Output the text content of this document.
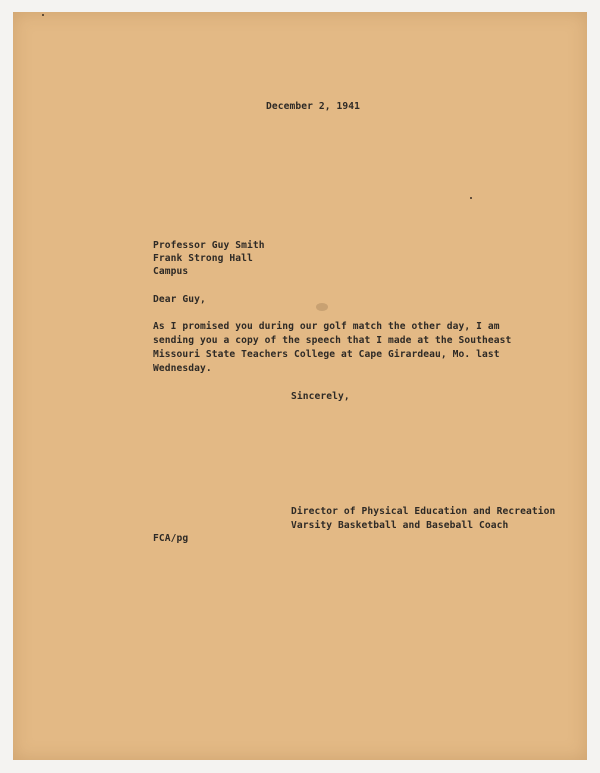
December 2, 1941
Professor Guy Smith
Frank Strong Hall
Campus
Dear Guy,
As I promised you during our golf match the other day, I am
sending you a copy of the speech that I made at the Southeast
Missouri State Teachers College at Cape Girardeau, Mo. last
Wednesday.
Sincerely,
Director of Physical Education and Recreation
Varsity Basketball and Baseball Coach
FCA/pg
